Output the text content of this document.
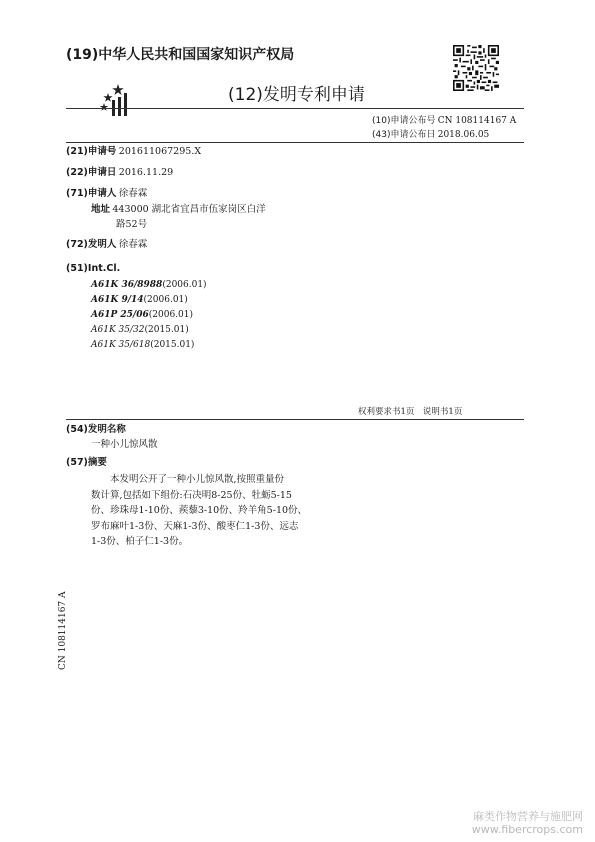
(19)中华人民共和国国家知识产权局
(12)发明专利申请
(10)申请公布号 CN 108114167 A
(43)申请公布日 2018.06.05
(21)申请号 201611067295.X
(22)申请日 2016.11.29
(71)申请人 徐春霖
地址 443000 湖北省宜昌市伍家岗区白洋
路52号
(72)发明人 徐春霖
(51)Int.Cl.
A61K 36/8988(2006.01)
A61K 9/14(2006.01)
A61P 25/06(2006.01)
A61K 35/32(2015.01)
A61K 35/618(2015.01)
权利要求书1页　说明书1页
(54)发明名称
一种小儿惊风散
(57)摘要
本发明公开了一种小儿惊风散,按照重量份
数计算,包括如下组份:石决明8-25份、牡蛎5-15
份、珍珠母1-10份、蒺藜3-10份、羚羊角5-10份、
罗布麻叶1-3份、天麻1-3份、酸枣仁1-3份、远志
1-3份、柏子仁1-3份。
CN 108114167 A
麻类作物营养与施肥网
www.fibercrops.com
